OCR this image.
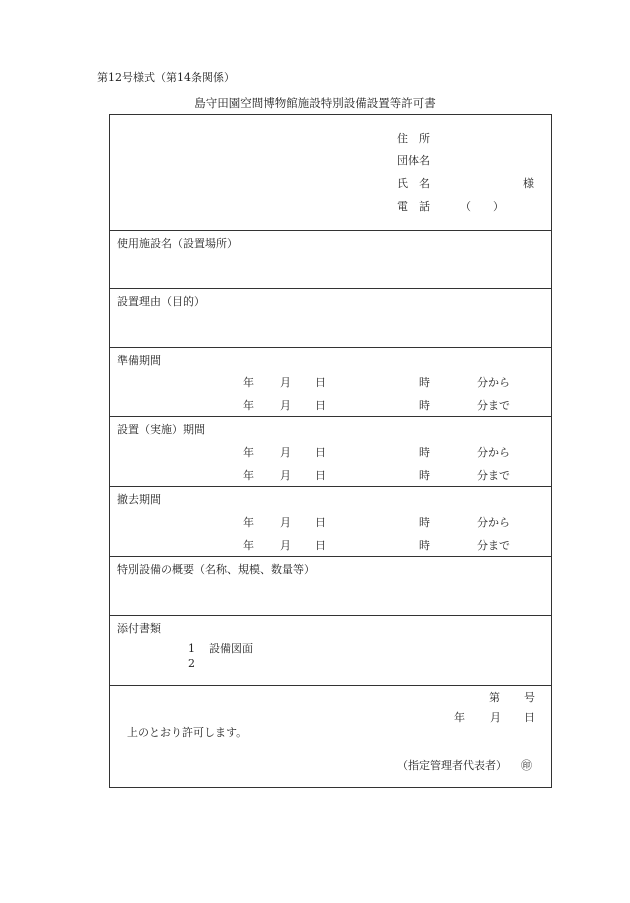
第12号様式（第14条関係）
島守田園空間博物館施設特別設備設置等許可書
住　所
団体名
氏　名	様
電　話	（　　）
使用施設名（設置場所）
設置理由（目的）
準備期間
年 月 日	時	分から
年 月 日	時	分まで
設置（実施）期間
年 月 日	時	分から
年 月 日	時	分まで
撤去期間
年 月 日	時	分から
年 月 日	時	分まで
特別設備の概要（名称、規模、数量等）
添付書類
1 設備図面
2
第 号
年 月 日
上のとおり許可します。
（指定管理者代表者） ㊞
